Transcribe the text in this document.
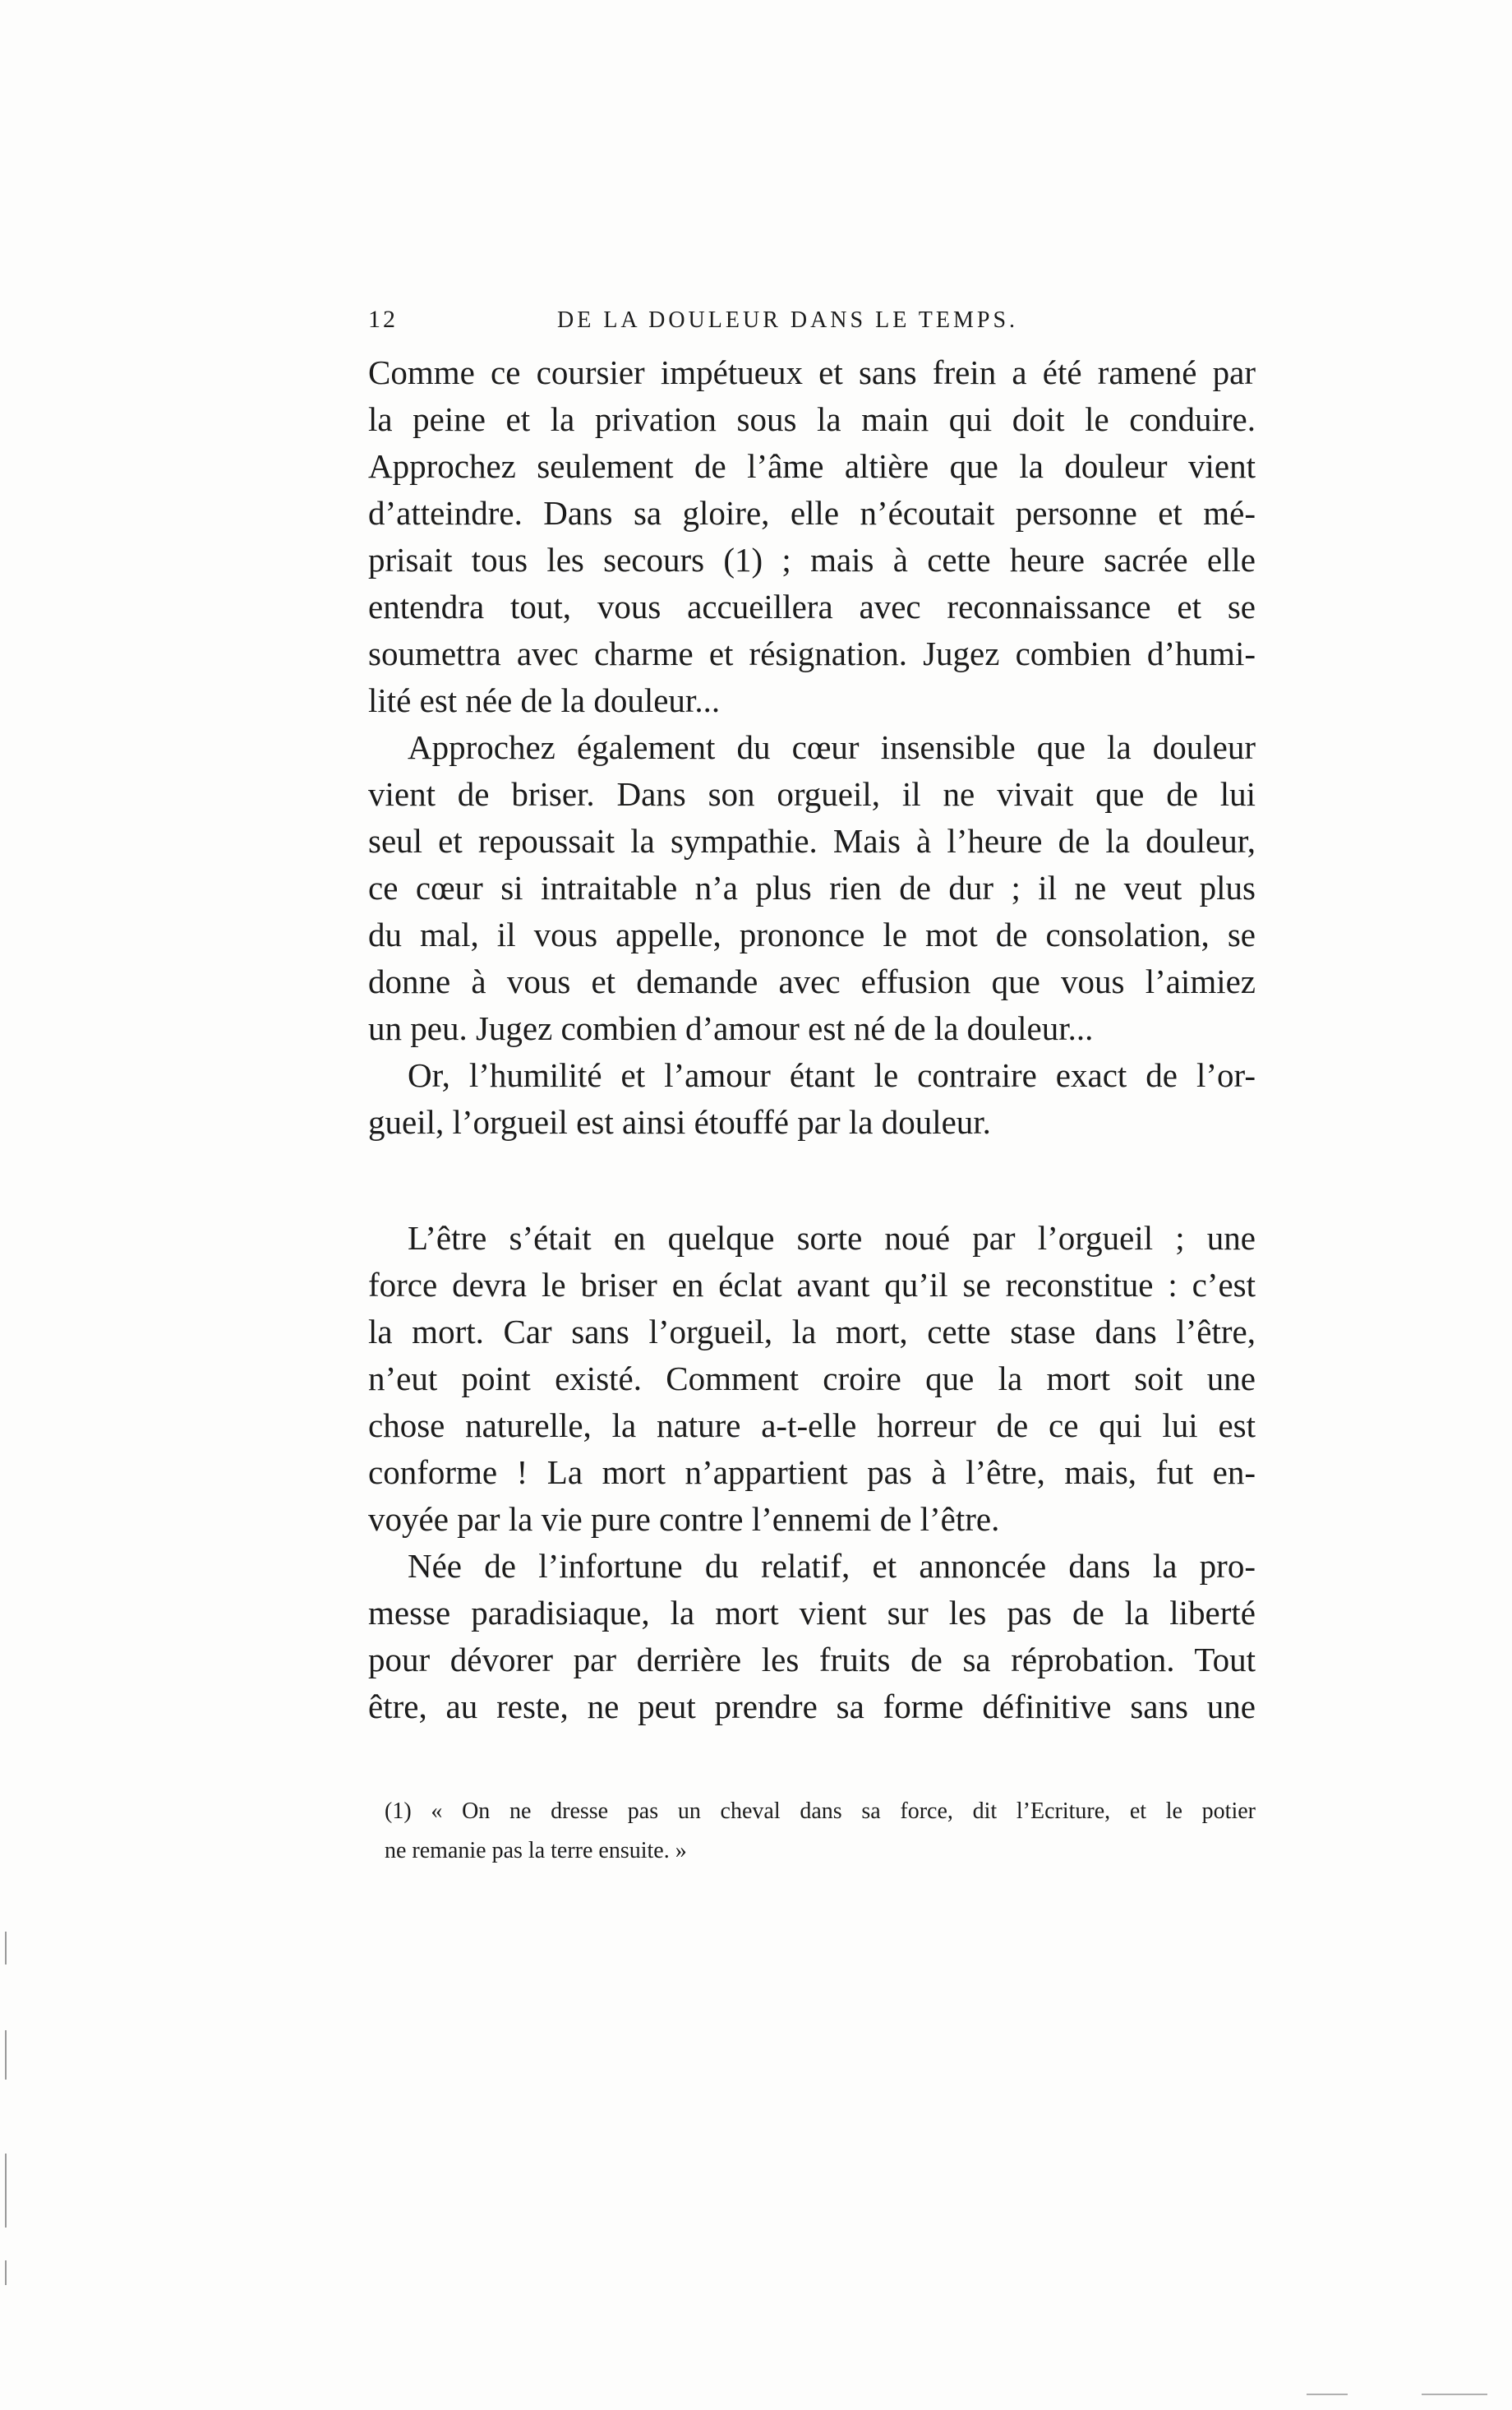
12	DE LA DOULEUR DANS LE TEMPS.
Comme ce coursier impétueux et sans frein a été ramené par
la peine et la privation sous la main qui doit le conduire.
Approchez seulement de l’âme altière que la douleur vient
d’atteindre. Dans sa gloire, elle n’écoutait personne et mé-
prisait tous les secours (1) ; mais à cette heure sacrée elle
entendra tout, vous accueillera avec reconnaissance et se
soumettra avec charme et résignation. Jugez combien d’humi-
lité est née de la douleur...
Approchez également du cœur insensible que la douleur
vient de briser. Dans son orgueil, il ne vivait que de lui
seul et repoussait la sympathie. Mais à l’heure de la douleur,
ce cœur si intraitable n’a plus rien de dur ; il ne veut plus
du mal, il vous appelle, prononce le mot de consolation, se
donne à vous et demande avec effusion que vous l’aimiez
un peu. Jugez combien d’amour est né de la douleur...
Or, l’humilité et l’amour étant le contraire exact de l’or-
gueil, l’orgueil est ainsi étouffé par la douleur.
L’être s’était en quelque sorte noué par l’orgueil ; une
force devra le briser en éclat avant qu’il se reconstitue : c’est
la mort. Car sans l’orgueil, la mort, cette stase dans l’être,
n’eut point existé. Comment croire que la mort soit une
chose naturelle, la nature a-t-elle horreur de ce qui lui est
conforme ! La mort n’appartient pas à l’être, mais, fut en-
voyée par la vie pure contre l’ennemi de l’être.
Née de l’infortune du relatif, et annoncée dans la pro-
messe paradisiaque, la mort vient sur les pas de la liberté
pour dévorer par derrière les fruits de sa réprobation. Tout
être, au reste, ne peut prendre sa forme définitive sans une
(1) « On ne dresse pas un cheval dans sa force, dit l’Ecriture, et le potier
ne remanie pas la terre ensuite. »
